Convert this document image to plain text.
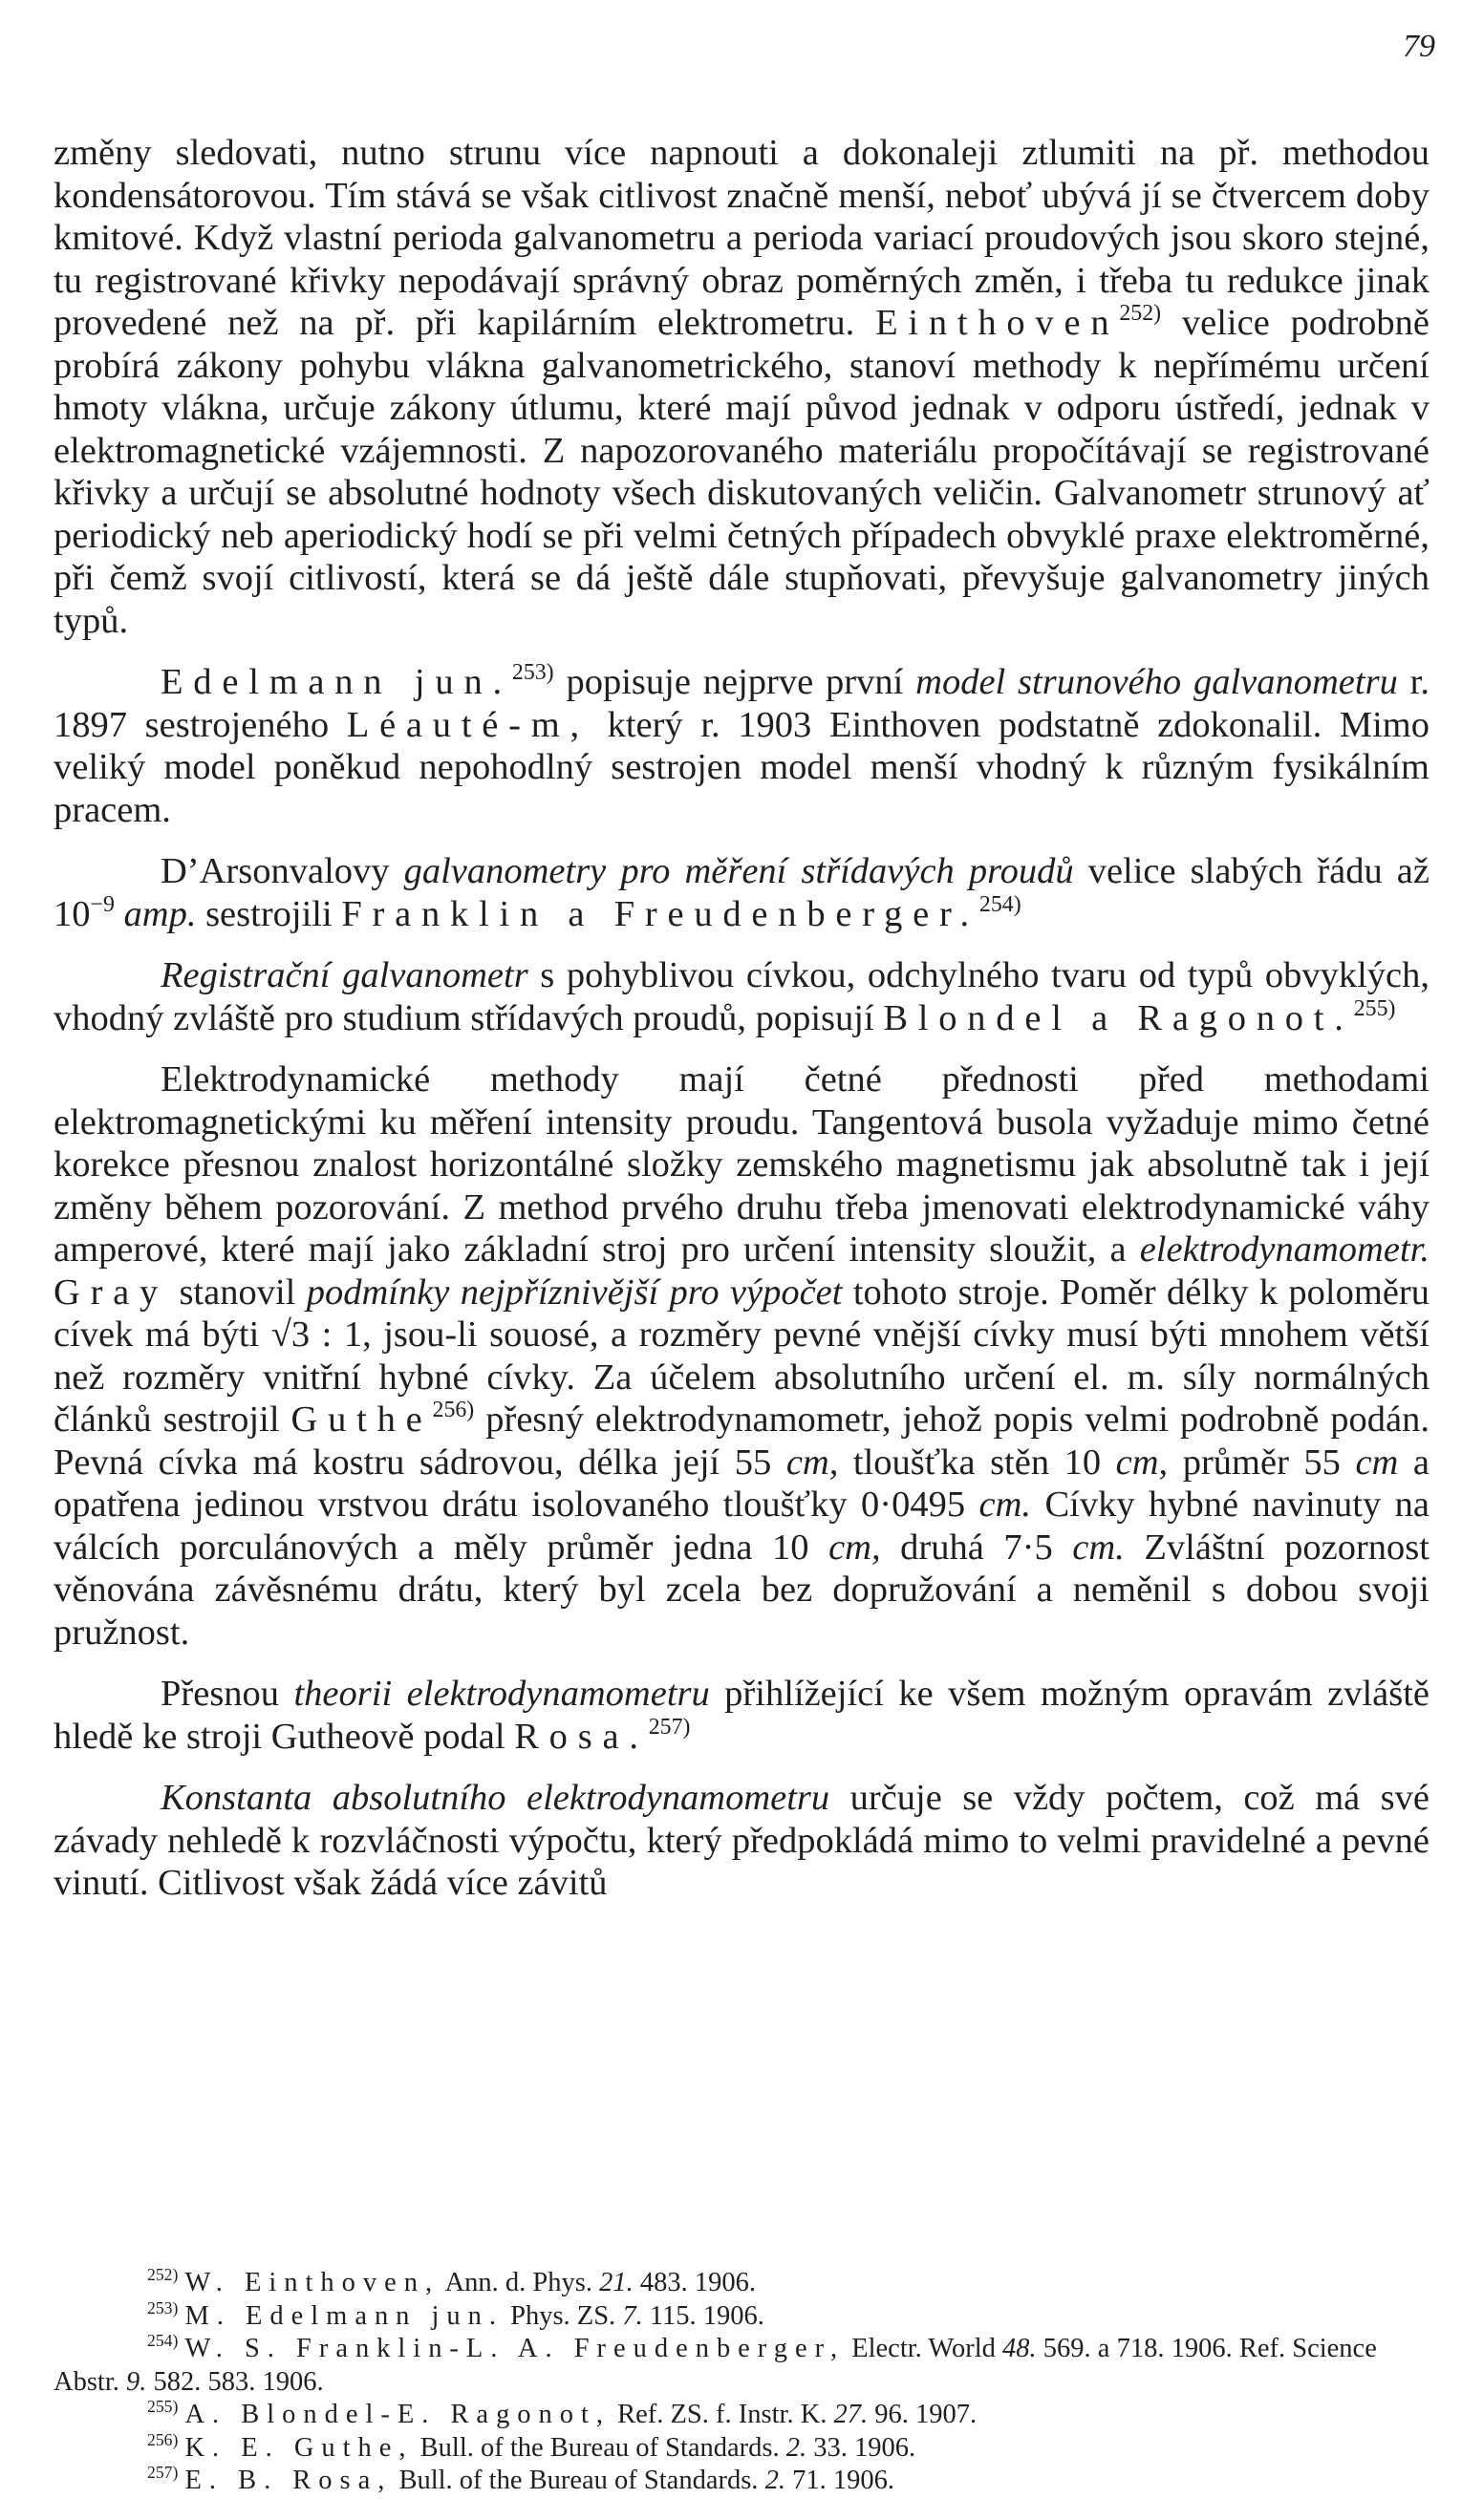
79

změny sledovati, nutno strunu více napnouti a dokonaleji ztlumiti na př. methodou kondensátorovou. Tím stává se však citlivost značně menší, neboť ubývá jí se čtvercem doby kmitové. Když vlastní perioda galvanometru a perioda variací proudových jsou skoro stejné, tu registrované křivky nepodávají správný obraz poměrných změn, i třeba tu redukce jinak provedené než na př. při kapilárním elektrometru. Einthoven$^{252)}$ velice podrobně probírá zákony pohybu vlákna galvanometrického, stanoví methody k nepřímému určení hmoty vlákna, určuje zákony útlumu, které mají původ jednak v odporu ústředí, jednak v elektromagnetické vzájemnosti. Z napozorovaného materiálu propočítávají se registrované křivky a určují se absolutné hodnoty všech diskutovaných veličin. Galvanometr strunový ať periodický neb aperiodický hodí se při velmi četných případech obvyklé praxe elektroměrné, při čemž svojí citlivostí, která se dá ještě dále stupňovati, převyšuje galvanometry jiných typů.

Edelmann jun.$^{253)}$ popisuje nejprve první model strunového galvanometru r. 1897 sestrojeného Léauté-m, který r. 1903 Einthoven podstatně zdokonalil. Mimo veliký model poněkud nepohodlný sestrojen model menší vhodný k různým fysikálním pracem.

D’Arsonvalovy galvanometry pro měření střídavých proudů velice slabých řádu až $10^{-9}$ amp. sestrojili Franklin a Freudenberger.$^{254)}$

Registrační galvanometr s pohyblivou cívkou, odchylného tvaru od typů obvyklých, vhodný zvláště pro studium střídavých proudů, popisují Blondel a Ragonot.$^{255)}$

Elektrodynamické methody mají četné přednosti před methodami elektromagnetickými ku měření intensity proudu. Tangentová busola vyžaduje mimo četné korekce přesnou znalost horizontálné složky zemského magnetismu jak absolutně tak i její změny během pozorování. Z method prvého druhu třeba jmenovati elektrodynamické váhy amperové, které mají jako základní stroj pro určení intensity sloužit, a elektrodynamometr. Gray stanovil podmínky nejpříznivější pro výpočet tohoto stroje. Poměr délky k poloměru cívek má býti √3 : 1, jsou-li souosé, a rozměry pevné vnější cívky musí býti mnohem větší než rozměry vnitřní hybné cívky. Za účelem absolutního určení el. m. síly normálných článků sestrojil Guthe$^{256)}$ přesný elektrodynamometr, jehož popis velmi podrobně podán. Pevná cívka má kostru sádrovou, délka její 55 cm, tloušťka stěn 10 cm, průměr 55 cm a opatřena jedinou vrstvou drátu isolovaného tloušťky 0·0495 cm. Cívky hybné navinuty na válcích porculánových a měly průměr jedna 10 cm, druhá 7·5 cm. Zvláštní pozornost věnována závěsnému drátu, který byl zcela bez dopružování a neměnil s dobou svoji pružnost.

Přesnou theorii elektrodynamometru přihlížející ke všem možným opravám zvláště hledě ke stroji Gutheově podal Rosa.$^{257)}$

Konstanta absolutního elektrodynamometru určuje se vždy počtem, což má své závady nehledě k rozvláčnosti výpočtu, který předpokládá mimo to velmi pravidelné a pevné vinutí. Citlivost však žádá více závitů

$^{252)}$ W. Einthoven, Ann. d. Phys. 21. 483. 1906.

$^{253)}$ M. Edelmann jun. Phys. ZS. 7. 115. 1906.

$^{254)}$ W. S. Franklin-L. A. Freudenberger, Electr. World 48. 569. a 718. 1906. Ref. Science Abstr. 9. 582. 583. 1906.

$^{255)}$ A. Blondel-E. Ragonot, Ref. ZS. f. Instr. K. 27. 96. 1907.

$^{256)}$ K. E. Guthe, Bull. of the Bureau of Standards. 2. 33. 1906.

$^{257)}$ E. B. Rosa, Bull. of the Bureau of Standards. 2. 71. 1906.
